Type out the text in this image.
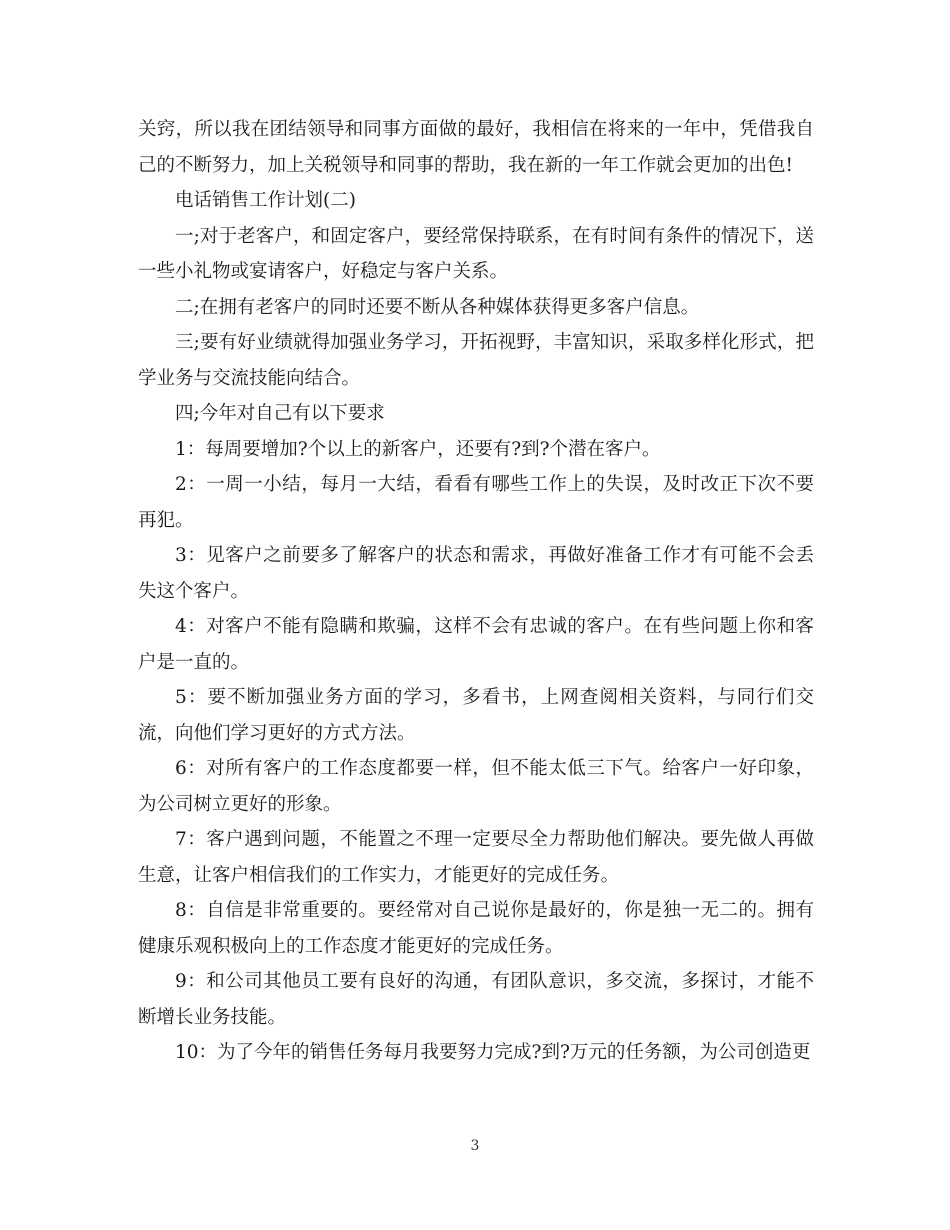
关窍，所以我在团结领导和同事方面做的最好，我相信在将来的一年中，凭借我自己的不断努力，加上关税领导和同事的帮助，我在新的一年工作就会更加的出色!

电话销售工作计划(二)

一;对于老客户，和固定客户，要经常保持联系，在有时间有条件的情况下，送一些小礼物或宴请客户，好稳定与客户关系。

二;在拥有老客户的同时还要不断从各种媒体获得更多客户信息。

三;要有好业绩就得加强业务学习，开拓视野，丰富知识，采取多样化形式，把学业务与交流技能向结合。

四;今年对自己有以下要求

1：每周要增加?个以上的新客户，还要有?到?个潜在客户。

2：一周一小结，每月一大结，看看有哪些工作上的失误，及时改正下次不要再犯。

3：见客户之前要多了解客户的状态和需求，再做好准备工作才有可能不会丢失这个客户。

4：对客户不能有隐瞒和欺骗，这样不会有忠诚的客户。在有些问题上你和客户是一直的。

5：要不断加强业务方面的学习，多看书，上网查阅相关资料，与同行们交流，向他们学习更好的方式方法。

6：对所有客户的工作态度都要一样，但不能太低三下气。给客户一好印象，为公司树立更好的形象。

7：客户遇到问题，不能置之不理一定要尽全力帮助他们解决。要先做人再做生意，让客户相信我们的工作实力，才能更好的完成任务。

8：自信是非常重要的。要经常对自己说你是最好的，你是独一无二的。拥有健康乐观积极向上的工作态度才能更好的完成任务。

9：和公司其他员工要有良好的沟通，有团队意识，多交流，多探讨，才能不断增长业务技能。

10：为了今年的销售任务每月我要努力完成?到?万元的任务额，为公司创造更

3
